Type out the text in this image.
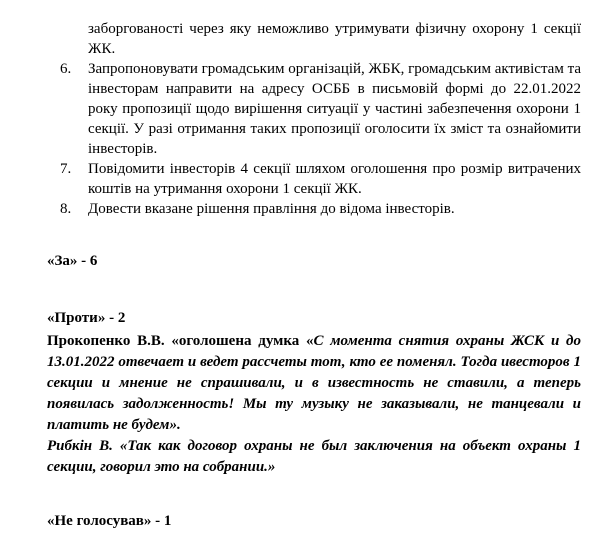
заборгованості через яку неможливо утримувати фізичну охорону 1 секції ЖК.

6. Запропоновувати громадським організацій, ЖБК, громадським активістам та інвесторам направити на адресу ОСББ в письмовій формі до 22.01.2022 року пропозиції щодо вирішення ситуації у частині забезпечення охорони 1 секції. У разі отримання таких пропозиції оголосити їх зміст та ознайомити інвесторів.

7. Повідомити інвесторів 4 секції шляхом оголошення про розмір витрачених коштів на утримання охорони 1 секції ЖК.

8. Довести вказане рішення правління до відома інвесторів.

«За» - 6
«Проти» - 2

Прокопенко В.В. «оголошена думка «С момента снятия охраны ЖСК и до 13.01.2022 отвечает и ведет рассчеты тот, кто ее поменял. Тогда ивесторов 1 секции и мнение не спрашивали, и в известность не ставили, а теперь появилась задолженность! Мы ту музыку не заказывали, не танцевали и платить не будем».

Рибкін В. «Так как договор охраны не был заключения на объект охраны 1 секции, говорил это на собрании.»

«Не голосував» - 1
